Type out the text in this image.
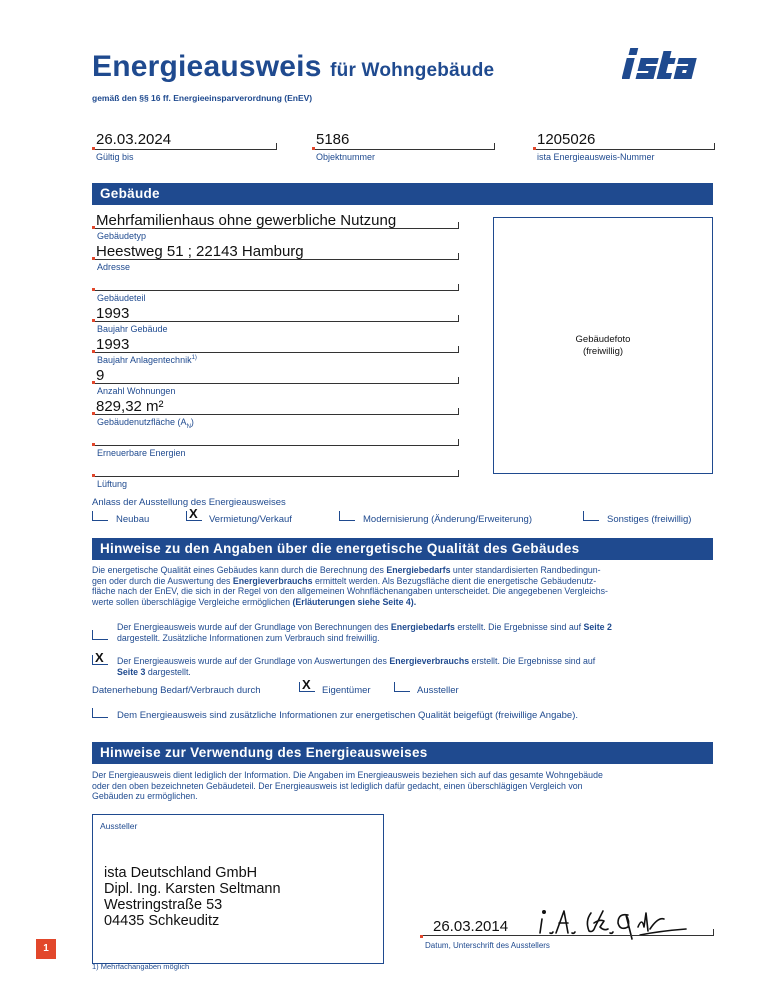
Energieausweis für Wohngebäude
gemäß den §§ 16 ff. Energieeinsparverordnung (EnEV)
ista
26.03.2024
Gültig bis
5186
Objektnummer
1205026
ista Energieausweis-Nummer
Gebäude
Mehrfamilienhaus ohne gewerbliche Nutzung
Gebäudetyp
Heestweg 51 ; 22143 Hamburg
Adresse
Gebäudeteil
1993
Baujahr Gebäude
1993
Baujahr Anlagentechnik$^{1)}$
9
Anzahl Wohnungen
829,32 m²
Gebäudenutzfläche $(A_N)$
Erneuerbare Energien
Lüftung
Gebäudefoto
(freiwillig)
Anlass der Ausstellung des Energieausweises
Neubau	X Vermietung/Verkauf	Modernisierung (Änderung/Erweiterung)	Sonstiges (freiwillig)
Hinweise zu den Angaben über die energetische Qualität des Gebäudes
Die energetische Qualität eines Gebäudes kann durch die Berechnung des Energiebedarfs unter standardisierten Randbedingun-
gen oder durch die Auswertung des Energieverbrauchs ermittelt werden. Als Bezugsfläche dient die energetische Gebäudenutz-
fläche nach der EnEV, die sich in der Regel von den allgemeinen Wohnflächenangaben unterscheidet. Die angegebenen Vergleichs-
werte sollen überschlägige Vergleiche ermöglichen (Erläuterungen siehe Seite 4).
Der Energieausweis wurde auf der Grundlage von Berechnungen des Energiebedarfs erstellt. Die Ergebnisse sind auf Seite 2
dargestellt. Zusätzliche Informationen zum Verbrauch sind freiwillig.
X Der Energieausweis wurde auf der Grundlage von Auswertungen des Energieverbrauchs erstellt. Die Ergebnisse sind auf
Seite 3 dargestellt.
Datenerhebung Bedarf/Verbrauch durch	X Eigentümer	Aussteller
Dem Energieausweis sind zusätzliche Informationen zur energetischen Qualität beigefügt (freiwillige Angabe).
Hinweise zur Verwendung des Energieausweises
Der Energieausweis dient lediglich der Information. Die Angaben im Energieausweis beziehen sich auf das gesamte Wohngebäude
oder den oben bezeichneten Gebäudeteil. Der Energieausweis ist lediglich dafür gedacht, einen überschlägigen Vergleich von
Gebäuden zu ermöglichen.
Aussteller
ista Deutschland GmbH
Dipl. Ing. Karsten Seltmann
Westringstraße 53
04435 Schkeuditz	26.03.2014
Datum, Unterschrift des Ausstellers
1
1) Mehrfachangaben möglich
